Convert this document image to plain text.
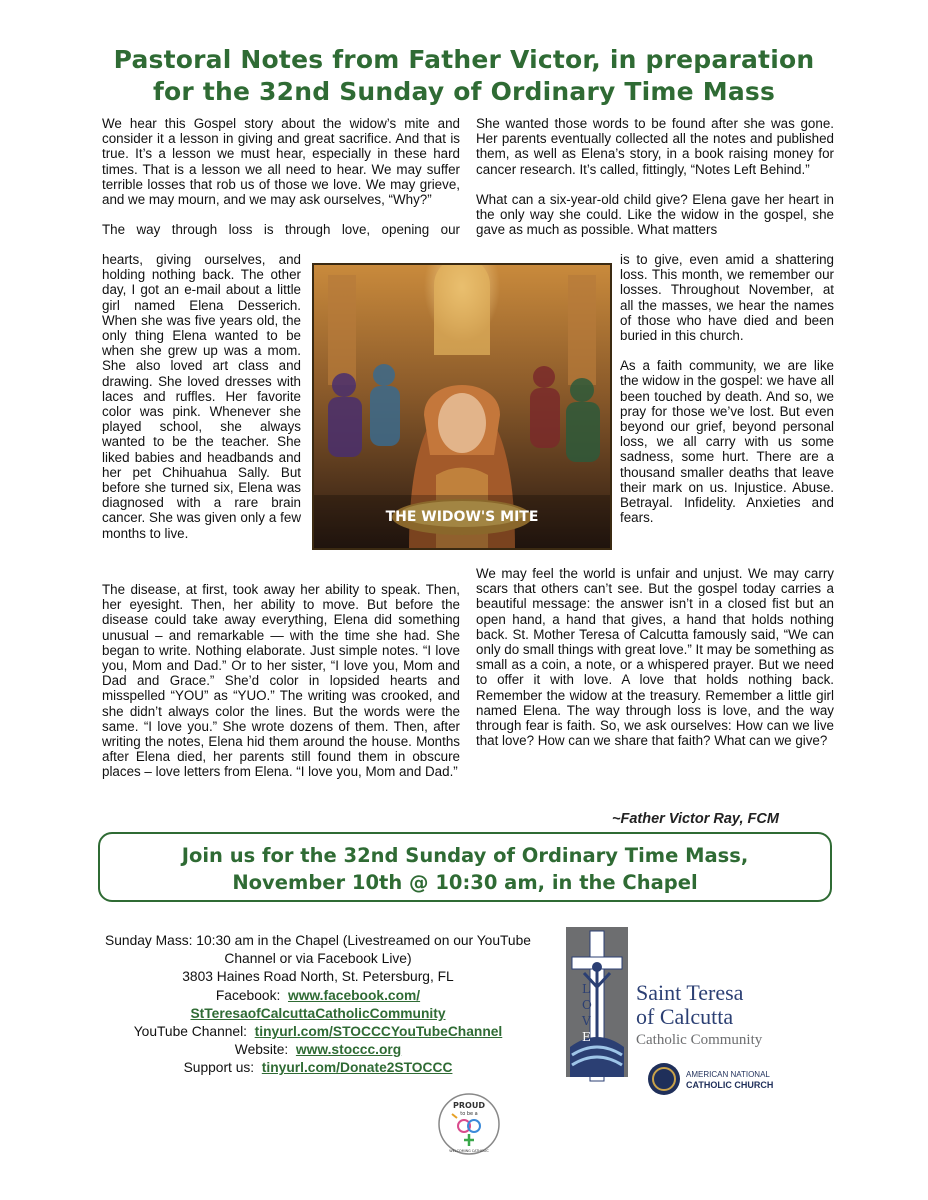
Pastoral Notes from Father Victor, in preparation
for the 32nd Sunday of Ordinary Time Mass

We hear this Gospel story about the widow’s mite and consider it a lesson in giving and great sacrifice. And that is true. It’s a lesson we must hear, especially in these hard times. That is a lesson we all need to hear. We may suffer terrible losses that rob us of those we love. We may grieve, and we may mourn, and we may ask ourselves, “Why?”

The way through loss is through love, opening our

hearts, giving ourselves, and holding nothing back. The other day, I got an e-mail about a little girl named Elena Desserich. When she was five years old, the only thing Elena wanted to be when she grew up was a mom. She also loved art class and drawing. She loved dresses with laces and ruffles. Her favorite color was pink. Whenever she played school, she always wanted to be the teacher. She liked babies and headbands and her pet Chihuahua Sally. But before she turned six, Elena was diagnosed with a rare brain cancer. She was given only a few months to live.
The disease, at first, took away her ability to speak. Then, her eyesight. Then, her ability to move. But before the disease could take away everything, Elena did something unusual – and remarkable — with the time she had. She began to write. Nothing elaborate. Just simple notes. “I love you, Mom and Dad.” Or to her sister, “I love you, Mom and Dad and Grace.” She’d color in lopsided hearts and misspelled “YOU” as “YUO.” The writing was crooked, and she didn’t always color the lines. But the words were the same. “I love you.” She wrote dozens of them. Then, after writing the notes, Elena hid them around the house. Months after Elena died, her parents still found them in obscure places – love letters from Elena. “I love you, Mom and Dad.”

She wanted those words to be found after she was gone. Her parents eventually collected all the notes and published them, as well as Elena’s story, in a book raising money for cancer research. It’s called, fittingly, “Notes Left Behind.”

What can a six-year-old child give? Elena gave her heart in the only way she could. Like the widow in the gospel, she gave as much as possible. What matters

is to give, even amid a shattering loss. This month, we remember our losses. Throughout November, at all the masses, we hear the names of those who have died and been buried in this church.

As a faith community, we are like the widow in the gospel: we have all been touched by death. And so, we pray for those we’ve lost. But even beyond our grief, beyond personal loss, we all carry with us some sadness, some hurt. There are a thousand smaller deaths that leave their mark on us. Injustice. Abuse. Betrayal. Infidelity. Anxieties and fears.

We may feel the world is unfair and unjust. We may carry scars that others can’t see. But the gospel today carries a beautiful message: the answer isn’t in a closed fist but an open hand, a hand that gives, a hand that holds nothing back. St. Mother Teresa of Calcutta famously said, “We can only do small things with great love.” It may be something as small as a coin, a note, or a whispered prayer. But we need to offer it with love. A love that holds nothing back. Remember the widow at the treasury. Remember a little girl named Elena. The way through loss is love, and the way through fear is faith. So, we ask ourselves: How can we live that love? How can we share that faith? What can we give?
THE WIDOW'S MITE
~Father Victor Ray, FCM
Join us for the 32nd Sunday of Ordinary Time Mass,
November 10th @ 10:30 am, in the Chapel
Sunday Mass: 10:30 am in the Chapel (Livestreamed on our YouTube Channel or via Facebook Live)
3803 Haines Road North, St. Petersburg, FL
Facebook: www.facebook.com/
StTeresaofCalcuttaCatholicCommunity
YouTube Channel: tinyurl.com/STOCCCYouTubeChannel
Website: www.stoccc.org
Support us: tinyurl.com/Donate2STOCCC
L
O
V
E
Saint Teresa
of Calcutta
Catholic Community
AMERICAN NATIONAL
CATHOLIC CHURCH
PROUD
to be a
WELCOMING CATHOLIC
